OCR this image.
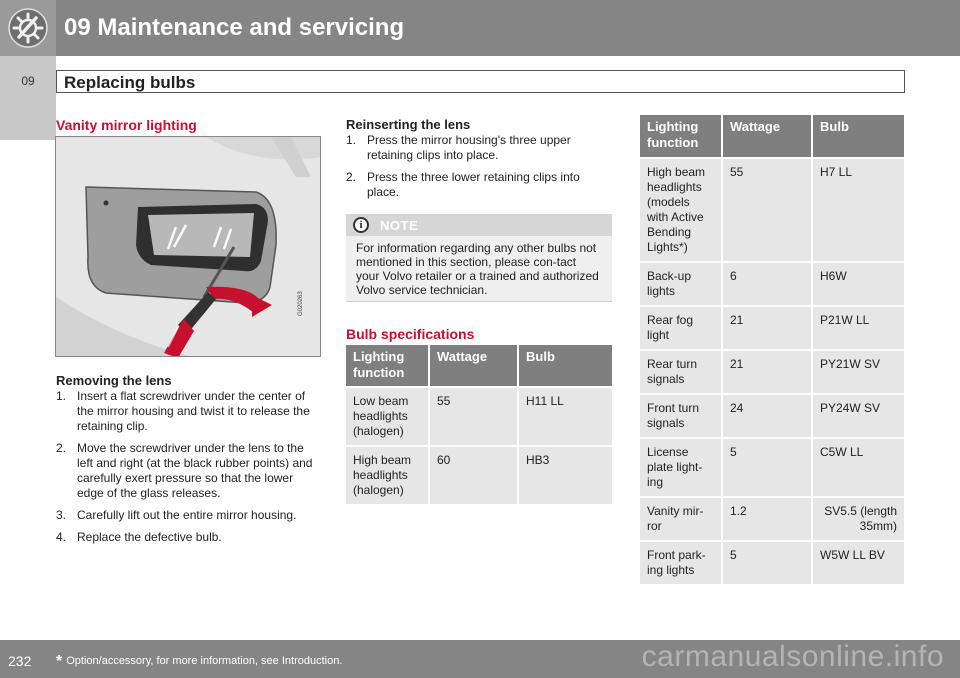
09 Maintenance and servicing
09	Replacing bulbs
Vanity mirror lighting
G020263
Removing the lens
1. Insert a flat screwdriver under the center of the mirror housing and twist it to release the retaining clip.
2. Move the screwdriver under the lens to the left and right (at the black rubber points) and carefully exert pressure so that the lower edge of the glass releases.
3. Carefully lift out the entire mirror housing.
4. Replace the defective bulb.
Reinserting the lens
1. Press the mirror housing's three upper retaining clips into place.
2. Press the three lower retaining clips into place.
i	NOTE
For information regarding any other bulbs not mentioned in this section, please con-tact your Volvo retailer or a trained and authorized Volvo service technician.
Bulb specifications
Lighting function	Wattage	Bulb
Low beam headlights (halogen)	55	H11 LL
High beam headlights (halogen)	60	HB3
Lighting function	Wattage	Bulb
High beam headlights (models with Active Bending Lights*)	55	H7 LL
Back-up lights	6	H6W
Rear fog light	21	P21W LL
Rear turn signals	21	PY21W SV
Front turn signals	24	PY24W SV
License plate light-ing	5	C5W LL
Vanity mir-ror	1.2	SV5.5 (length 35mm)
Front park-ing lights	5	W5W LL BV
232 * Option/accessory, for more information, see Introduction.	carmanualsonline.info
